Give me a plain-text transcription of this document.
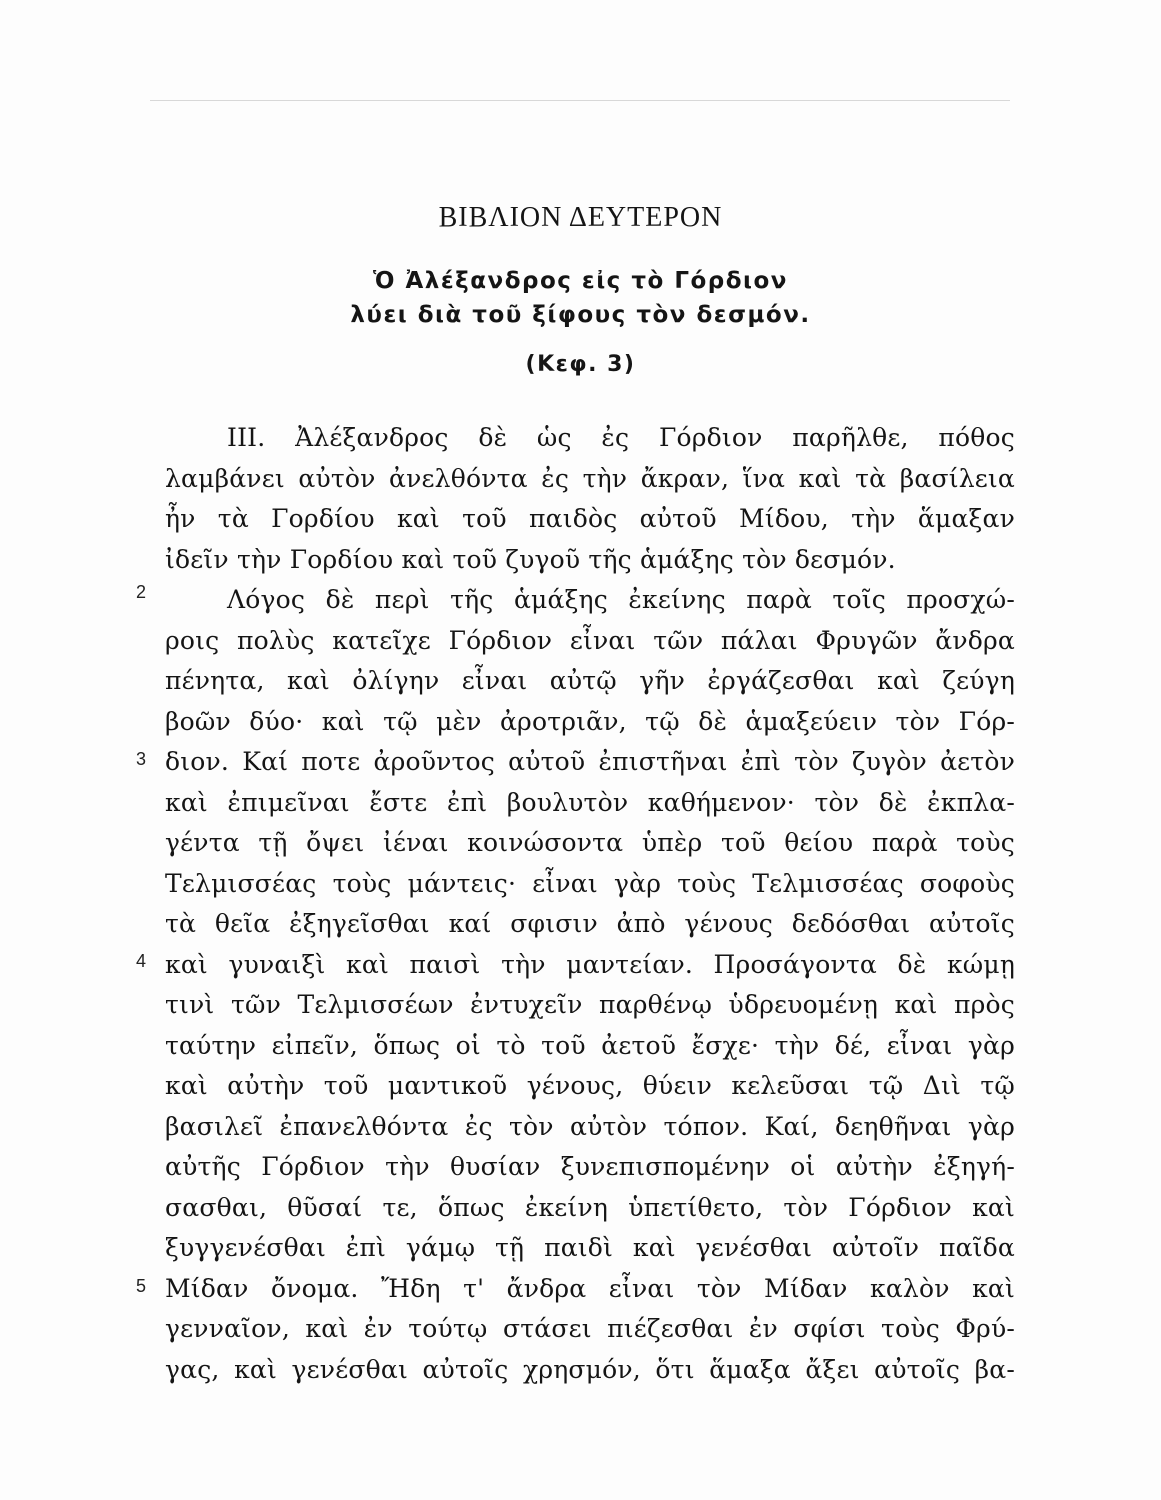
ΒΙΒΛΙΟΝ ΔΕΥΤΕΡΟΝ
Ὁ Ἀλέξανδρος εἰς τὸ Γόρδιον
λύει διὰ τοῦ ξίφους τὸν δεσμόν.
(Κεφ. 3)
2
3
4
5
III. Ἀλέξανδρος δὲ ὡς ἐς Γόρδιον παρῆλθε, πόθος
λαμβάνει αὐτὸν ἀνελθόντα ἐς τὴν ἄκραν, ἵνα καὶ τὰ βασίλεια
ἦν τὰ Γορδίου καὶ τοῦ παιδὸς αὐτοῦ Μίδου, τὴν ἅμαξαν
ἰδεῖν τὴν Γορδίου καὶ τοῦ ζυγοῦ τῆς ἁμάξης τὸν δεσμόν.
Λόγος δὲ περὶ τῆς ἁμάξης ἐκείνης παρὰ τοῖς προσχώ-
ροις πολὺς κατεῖχε Γόρδιον εἶναι τῶν πάλαι Φρυγῶν ἄνδρα
πένητα, καὶ ὀλίγην εἶναι αὐτῷ γῆν ἐργάζεσθαι καὶ ζεύγη
βοῶν δύο· καὶ τῷ μὲν ἀροτριᾶν, τῷ δὲ ἁμαξεύειν τὸν Γόρ-
διον. Καί ποτε ἀροῦντος αὐτοῦ ἐπιστῆναι ἐπὶ τὸν ζυγὸν ἀετὸν
καὶ ἐπιμεῖναι ἔστε ἐπὶ βουλυτὸν καθήμενον· τὸν δὲ ἐκπλα-
γέντα τῇ ὄψει ἰέναι κοινώσοντα ὑπὲρ τοῦ θείου παρὰ τοὺς
Τελμισσέας τοὺς μάντεις· εἶναι γὰρ τοὺς Τελμισσέας σοφοὺς
τὰ θεῖα ἐξηγεῖσθαι καί σφισιν ἀπὸ γένους δεδόσθαι αὐτοῖς
καὶ γυναιξὶ καὶ παισὶ τὴν μαντείαν. Προσάγοντα δὲ κώμῃ
τινὶ τῶν Τελμισσέων ἐντυχεῖν παρθένῳ ὑδρευομένῃ καὶ πρὸς
ταύτην εἰπεῖν, ὅπως οἱ τὸ τοῦ ἀετοῦ ἔσχε· τὴν δέ, εἶναι γὰρ
καὶ αὐτὴν τοῦ μαντικοῦ γένους, θύειν κελεῦσαι τῷ Διὶ τῷ
βασιλεῖ ἐπανελθόντα ἐς τὸν αὐτὸν τόπον. Καί, δεηθῆναι γὰρ
αὐτῆς Γόρδιον τὴν θυσίαν ξυνεπισπομένην οἱ αὐτὴν ἐξηγή-
σασθαι, θῦσαί τε, ὅπως ἐκείνη ὑπετίθετο, τὸν Γόρδιον καὶ
ξυγγενέσθαι ἐπὶ γάμῳ τῇ παιδὶ καὶ γενέσθαι αὐτοῖν παῖδα
Μίδαν ὄνομα. Ἤδη τ' ἄνδρα εἶναι τὸν Μίδαν καλὸν καὶ
γενναῖον, καὶ ἐν τούτῳ στάσει πιέζεσθαι ἐν σφίσι τοὺς Φρύ-
γας, καὶ γενέσθαι αὐτοῖς χρησμόν, ὅτι ἅμαξα ἄξει αὐτοῖς βα-
